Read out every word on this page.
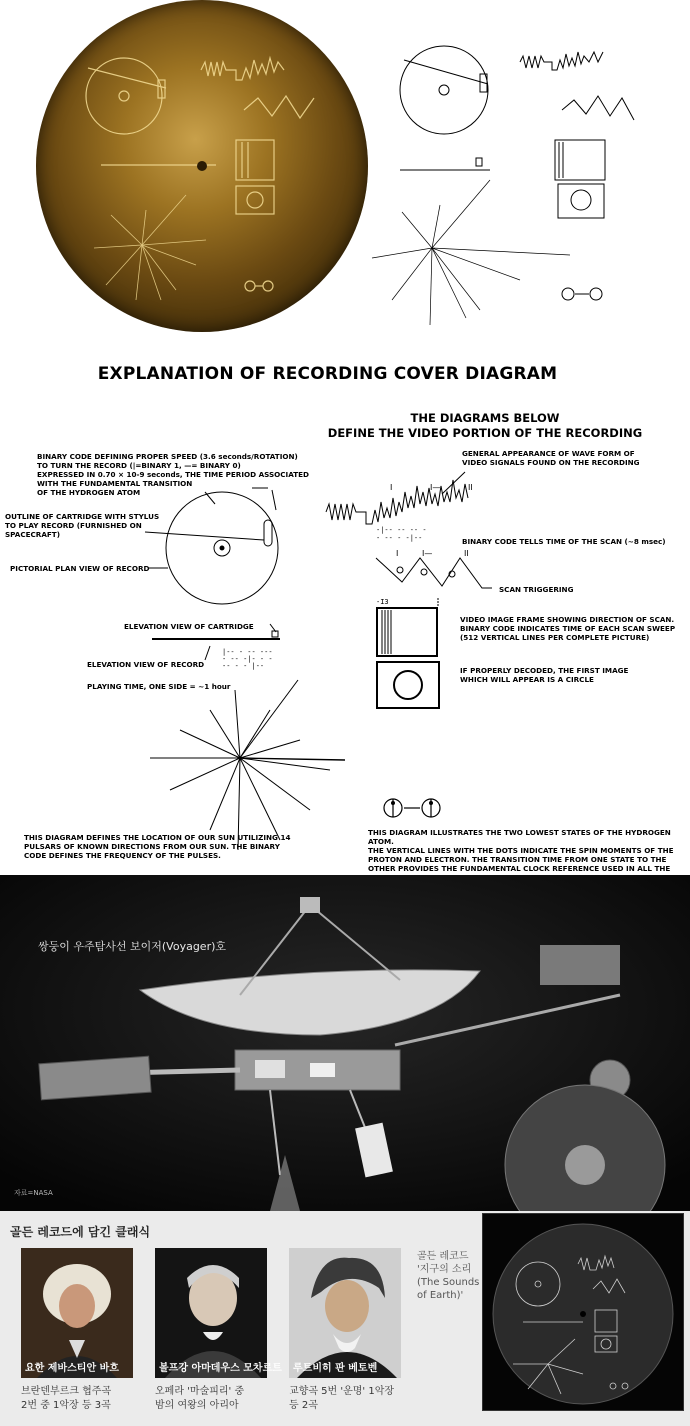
EXPLANATION OF RECORDING COVER DIAGRAM
THE DIAGRAMS BELOW
DEFINE THE VIDEO PORTION OF THE RECORDING
BINARY CODE DEFINING PROPER SPEED (3.6 seconds/ROTATION)
TO TURN THE RECORD (|=BINARY 1, —= BINARY 0)
EXPRESSED IN 0.70 × 10-9 seconds, THE TIME PERIOD ASSOCIATED
WITH THE FUNDAMENTAL TRANSITION
OF THE HYDROGEN ATOM
OUTLINE OF CARTRIDGE WITH STYLUS
TO PLAY RECORD (FURNISHED ON
SPACECRAFT)
PICTORIAL PLAN VIEW OF RECORD
ELEVATION VIEW OF CARTRIDGE
ELEVATION VIEW OF RECORD
PLAYING TIME, ONE SIDE = ~1 hour
|-- - -- ---
- -- -|- - -
-- - - |--
GENERAL APPEARANCE OF WAVE FORM OF
VIDEO SIGNALS FOUND ON THE RECORDING
BINARY CODE TELLS TIME OF THE SCAN (~8 msec)
SCAN TRIGGERING
VIDEO IMAGE FRAME SHOWING DIRECTION OF SCAN.
BINARY CODE INDICATES TIME OF EACH SCAN SWEEP
(512 VERTICAL LINES PER COMPLETE PICTURE)
IF PROPERLY DECODED, THE FIRST IMAGE
WHICH WILL APPEAR IS A CIRCLE
I	I—	II
I	I—	II
-|-- -- -- -
- -- - -|--
-I3
THIS DIAGRAM DEFINES THE LOCATION OF OUR SUN UTILIZING 14
PULSARS OF KNOWN DIRECTIONS FROM OUR SUN. THE BINARY
CODE DEFINES THE FREQUENCY OF THE PULSES.
THIS DIAGRAM ILLUSTRATES THE TWO LOWEST STATES OF THE HYDROGEN ATOM.
THE VERTICAL LINES WITH THE DOTS INDICATE THE SPIN MOMENTS OF THE
PROTON AND ELECTRON. THE TRANSITION TIME FROM ONE STATE TO THE
OTHER PROVIDES THE FUNDAMENTAL CLOCK REFERENCE USED IN ALL THE

쌍둥이 우주탐사선 보이저(Voyager)호
자료=NASA
골든 레코드에 담긴 클래식
요한 제바스티안 바흐	볼프강 아마데우스 모차르트	루트비히 판 베토벤
브란덴부르크 협주곡
2번 중 1악장 등 3곡
오페라 '마술피리' 중
밤의 여왕의 아리아
교향곡 5번 '운명' 1악장
등 2곡
골든 레코드
'지구의 소리
(The Sounds
of Earth)'
